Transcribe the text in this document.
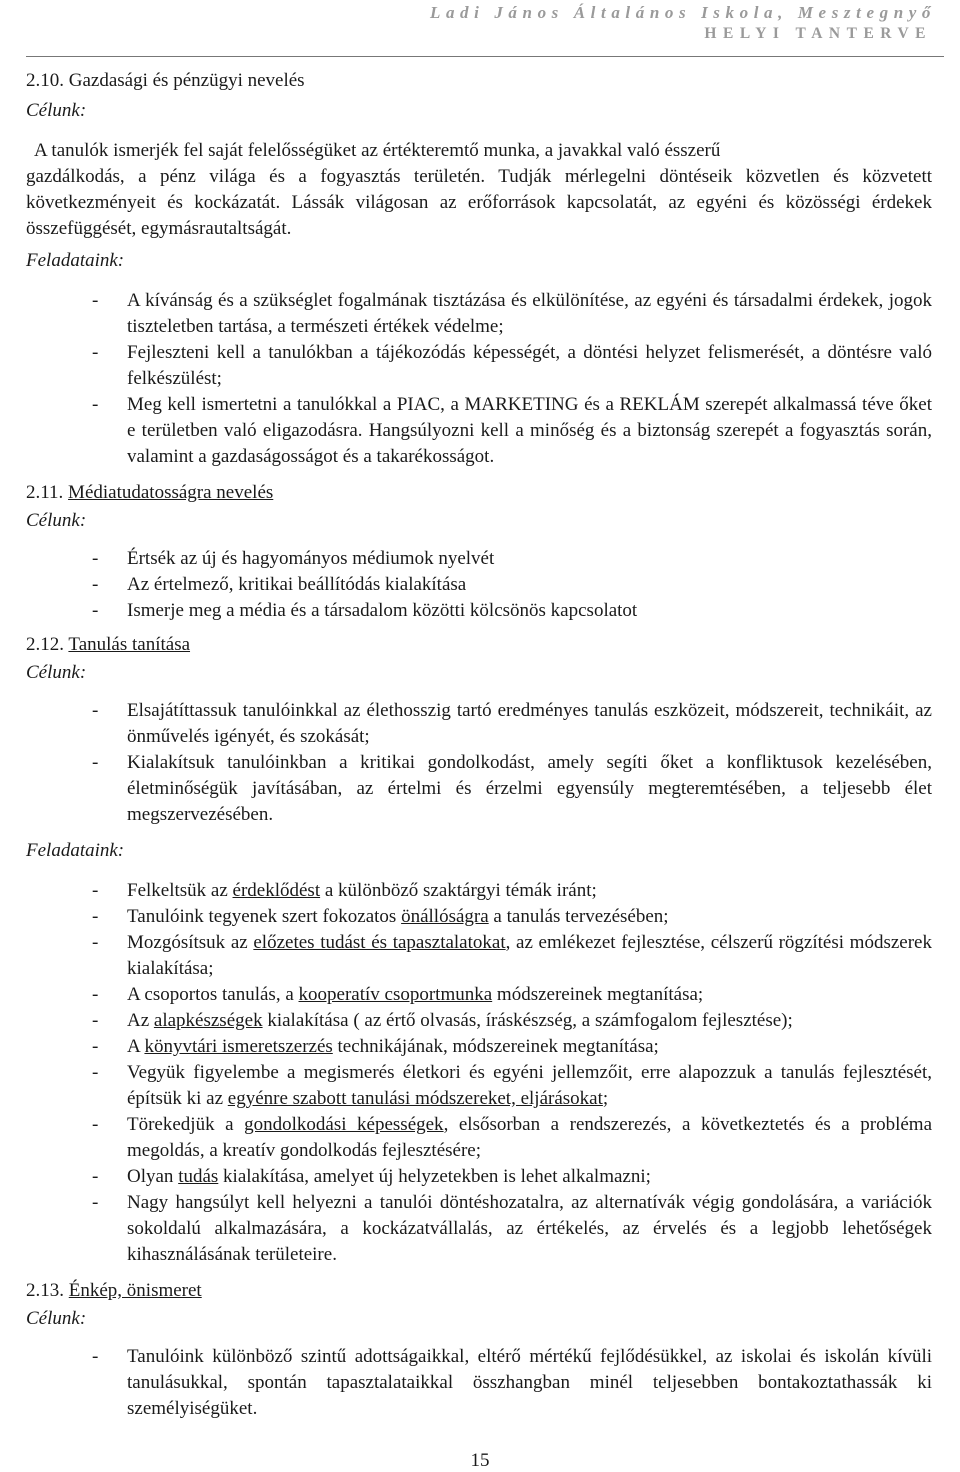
Ladi János Általános Iskola, Mesztegnyő
HELYI TANTERVE

2.10. Gazdasági és pénzügyi nevelés

Célunk:

A tanulók ismerjék fel saját felelősségüket az értékteremtő munka, a javakkal való ésszerű

gazdálkodás, a pénz világa és a fogyasztás területén. Tudják mérlegelni döntéseik közvetlen és közvetett következményeit és kockázatát. Lássák világosan az erőforrások kapcsolatát, az egyéni és közösségi érdekek összefüggését, egymásrautaltságát.

Feladataink:

- A kívánság és a szükséglet fogalmának tisztázása és elkülönítése, az egyéni és társadalmi érdekek, jogok tiszteletben tartása, a természeti értékek védelme;
- Fejleszteni kell a tanulókban a tájékozódás képességét, a döntési helyzet felismerését, a döntésre való felkészülést;
- Meg kell ismertetni a tanulókkal a PIAC, a MARKETING és a REKLÁM szerepét alkalmassá téve őket e területben való eligazodásra. Hangsúlyozni kell a minőség és a biztonság szerepét a fogyasztás során, valamint a gazdaságosságot és a takarékosságot.

2.11. Médiatudatosságra nevelés

Célunk:

- Értsék az új és hagyományos médiumok nyelvét
- Az értelmező, kritikai beállítódás kialakítása
- Ismerje meg a média és a társadalom közötti kölcsönös kapcsolatot

2.12. Tanulás tanítása

Célunk:

- Elsajátíttassuk tanulóinkkal az élethosszig tartó eredményes tanulás eszközeit, módszereit, technikáit, az önművelés igényét, és szokását;
- Kialakítsuk tanulóinkban a kritikai gondolkodást, amely segíti őket a konfliktusok kezelésében, életminőségük javításában, az értelmi és érzelmi egyensúly megteremtésében, a teljesebb élet megszervezésében.

Feladataink:

- Felkeltsük az érdeklődést a különböző szaktárgyi témák iránt;
- Tanulóink tegyenek szert fokozatos önállóságra a tanulás tervezésében;
- Mozgósítsuk az előzetes tudást és tapasztalatokat, az emlékezet fejlesztése, célszerű rögzítési módszerek kialakítása;
- A csoportos tanulás, a kooperatív csoportmunka módszereinek megtanítása;
- Az alapkészségek kialakítása ( az értő olvasás, íráskészség, a számfogalom fejlesztése);
- A könyvtári ismeretszerzés technikájának, módszereinek megtanítása;
- Vegyük figyelembe a megismerés életkori és egyéni jellemzőit, erre alapozzuk a tanulás fejlesztését, építsük ki az egyénre szabott tanulási módszereket, eljárásokat;
- Törekedjük a gondolkodási képességek, elsősorban a rendszerezés, a következtetés és a probléma megoldás, a kreatív gondolkodás fejlesztésére;
- Olyan tudás kialakítása, amelyet új helyzetekben is lehet alkalmazni;
- Nagy hangsúlyt kell helyezni a tanulói döntéshozatalra, az alternatívák végig gondolására, a variációk sokoldalú alkalmazására, a kockázatvállalás, az értékelés, az érvelés és a legjobb lehetőségek kihasználásának területeire.

2.13. Énkép, önismeret

Célunk:

- Tanulóink különböző szintű adottságaikkal, eltérő mértékű fejlődésükkel, az iskolai és iskolán kívüli tanulásukkal, spontán tapasztalataikkal összhangban minél teljesebben bontakoztathassák ki személyiségüket.
15
